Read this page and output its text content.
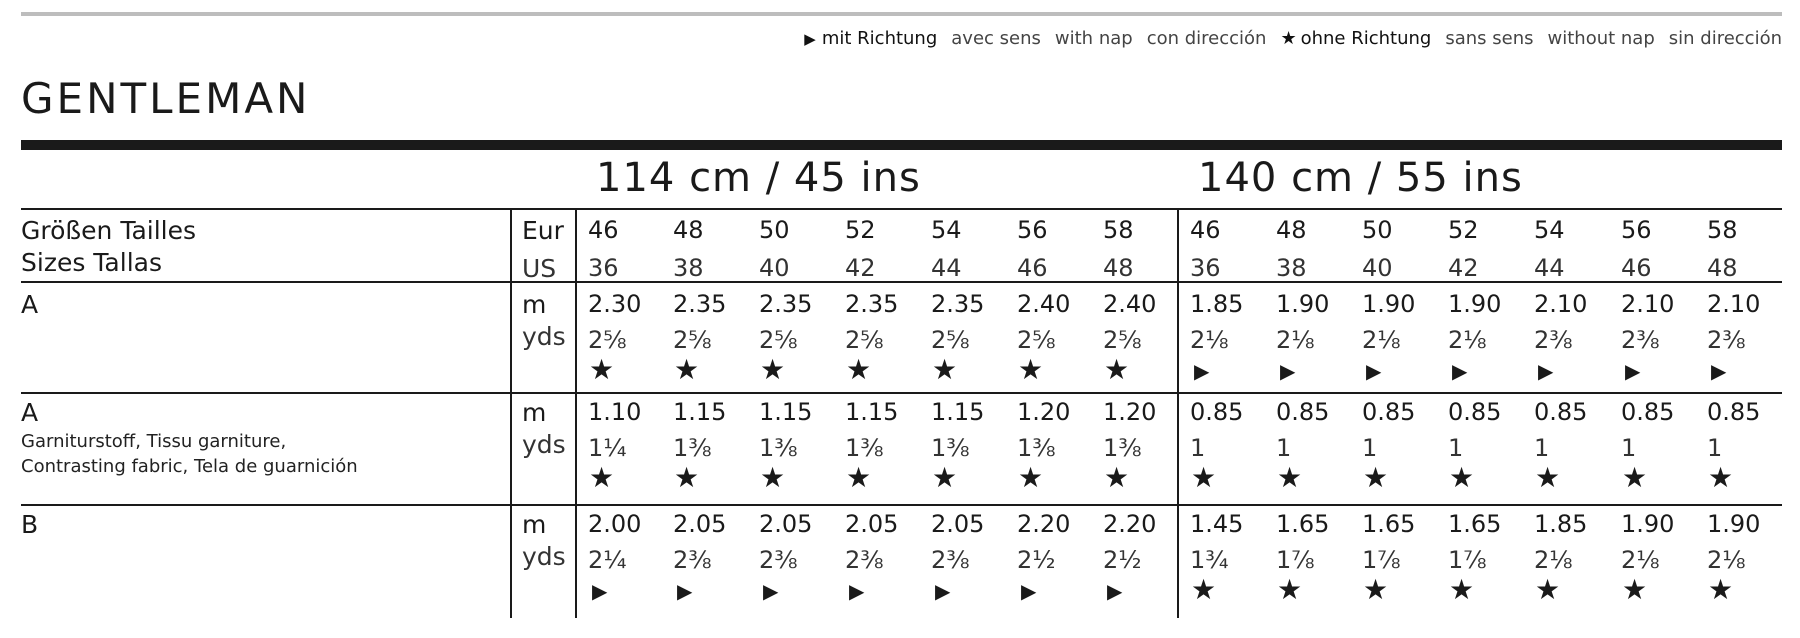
▶ mit Richtung avec sens with nap con dirección ★ ohne Richtung sans sens without nap sin dirección
GENTLEMAN
114 cm / 45 ins	140 cm / 55 ins
Größen Tailles
Sizes Tallas
Eur
US
46 48 50 52 54 56 58 46 48 50 52 54 56 58
36 38 40 42 44 46 48 36 38 40 42 44 46 48
A	m
yds
2.30 2.35 2.35 2.35 2.35 2.40 2.40 1.85 1.90 1.90 1.90 2.10 2.10 2.10
2⅝ 2⅝ 2⅝ 2⅝ 2⅝ 2⅝ 2⅝ 2⅛ 2⅛ 2⅛ 2⅛ 2⅜ 2⅜ 2⅜
★ ★ ★ ★ ★ ★ ★	▶	▶	▶	▶	▶	▶	▶
A
Garniturstoff, Tissu garniture,
Contrasting fabric, Tela de guarnición
m
yds
1.10 1.15 1.15 1.15 1.15 1.20 1.20 0.85 0.85 0.85 0.85 0.85 0.85 0.85
1¼ 1⅜ 1⅜ 1⅜ 1⅜ 1⅜ 1⅜ 1	1	1	1	1	1	1
★ ★ ★ ★ ★ ★ ★ ★ ★ ★ ★ ★ ★ ★
B	m
yds
2.00 2.05 2.05 2.05 2.05 2.20 2.20 1.45 1.65 1.65 1.65 1.85 1.90 1.90
2¼ 2⅜ 2⅜ 2⅜ 2⅜ 2½ 2½ 1¾ 1⅞ 1⅞ 1⅞ 2⅛ 2⅛ 2⅛
▶	▶	▶	▶	▶	▶	▶ ★ ★ ★ ★ ★ ★ ★
